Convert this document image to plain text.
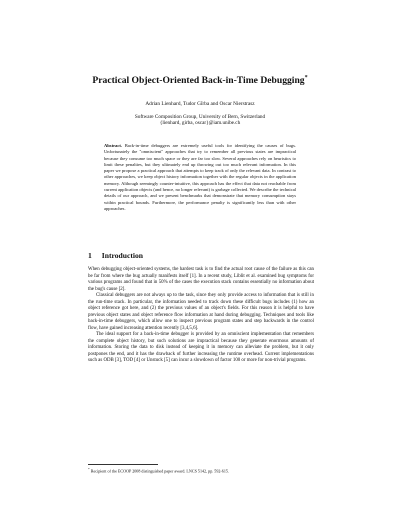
Practical Object-Oriented Back-in-Time Debugging*
Adrian Lienhard, Tudor Gîrba and Oscar Nierstrasz
Software Composition Group, University of Bern, Switzerland
{lienhard, girba, oscar}@iam.unibe.ch
Abstract. Back-in-time debuggers are extremely useful tools for identifying the causes of bugs. Unfortunately the "omniscient" approaches that try to remember all previous states are impractical because they consume too much space or they are far too slow. Several approaches rely on heuristics to limit these penalties, but they ultimately end up throwing out too much relevant information. In this paper we propose a practical approach that attempts to keep track of only the relevant data. In contrast to other approaches, we keep object history information together with the regular objects in the application memory. Although seemingly counter-intuitive, this approach has the effect that data not reachable from current application objects (and hence, no longer relevant) is garbage collected. We describe the technical details of our approach, and we present benchmarks that demonstrate that memory consumption stays within practical bounds. Furthermore, the performance penalty is significantly less than with other approaches.
1 Introduction

When debugging object-oriented systems, the hardest task is to find the actual root cause of the failure as this can be far from where the bug actually manifests itself [1]. In a recent study, Liblit et al. examined bug symptoms for various programs and found that in 50% of the cases the execution stack contains essentially no information about the bug's cause [2].

Classical debuggers are not always up to the task, since they only provide access to information that is still in the run-time stack. In particular, the information needed to track down these difficult bugs includes (1) how an object reference got here, and (2) the previous values of an object's fields. For this reason it is helpful to have previous object states and object reference flow information at hand during debugging. Techniques and tools like back-in-time debuggers, which allow one to inspect previous program states and step backwards in the control flow, have gained increasing attention recently [3,4,5,6].

The ideal support for a back-in-time debugger is provided by an omniscient implementation that remembers the complete object history, but such solutions are impractical because they generate enormous amounts of information. Storing the data to disk instead of keeping it in memory can alleviate the problem, but it only postpones the end, and it has the drawback of further increasing the runtime overhead. Current implementations such as ODB [3], TOD [4] or Unstuck [5] can incur a slowdown of factor 100 or more for non-trivial programs.

* Recipient of the ECOOP 2008 distinguished paper award. LNCS 5142, pp. 592-615.
